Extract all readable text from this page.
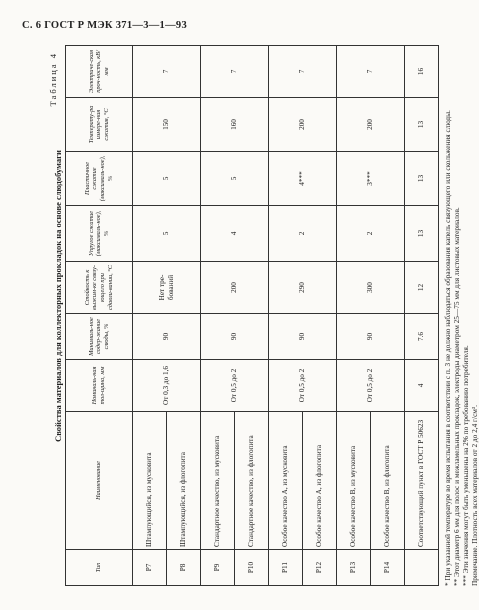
С. 6 ГОСТ Р МЭК 371—3—1—93
Свойства материалов для коллекторных прокладок на основе слюдобумаги
Таблица 4
Тип	Наименование	Номиналь-ная тол-щина, мм	Минималь-ное содер-жание слюды, %	Стойкость к выжим-ке связу-ющего при сдавли-вании, °C	Упругое сжатие (максималь-ное), %	Пластичное сжатие (максималь-ное), %	Температу-ра измере-ния сжатия, °C	Электриче-ская проч-ность, кВ/мм
P7	Штампующийся, из мусковита	От 0,3 до 1,6	90	Нет тре-бований	5	5	150	7
P8	Штампующийся, из флогопита							
P9	Стандартное качество, из мусковита	От 0,5 до 2	90	200	4	5	160	7
P10	Стандартное качество, из флогопита							
P11	Особое качество А, из мусковита	От 0,5 до 2	90	290	2	4***	200	7
P12	Особое качество А, из флогопита							
P13	Особое качество В, из мусковита	От 0,5 до 2	90	300	2	3***	200	7
P14	Особое качество В, из флогопита							
	Соответствующий пункт в ГОСТ Р 50623	4	7.6	12	13	13	13	16

* При указанной температуре во время испытания в соответствии с п. 3 не должно наблюдаться образования капель связующего или скольжения слюды. ** Этот диаметр 6 мм для полос и межламельных прокладок, электроды диаметром 25—75 мм для листовых материалов. *** Эти значения могут быть уменьшены на 2% по требованию потребителя. Примечание. Плотность всех материалов от 2 до 2,4 г/см³.
